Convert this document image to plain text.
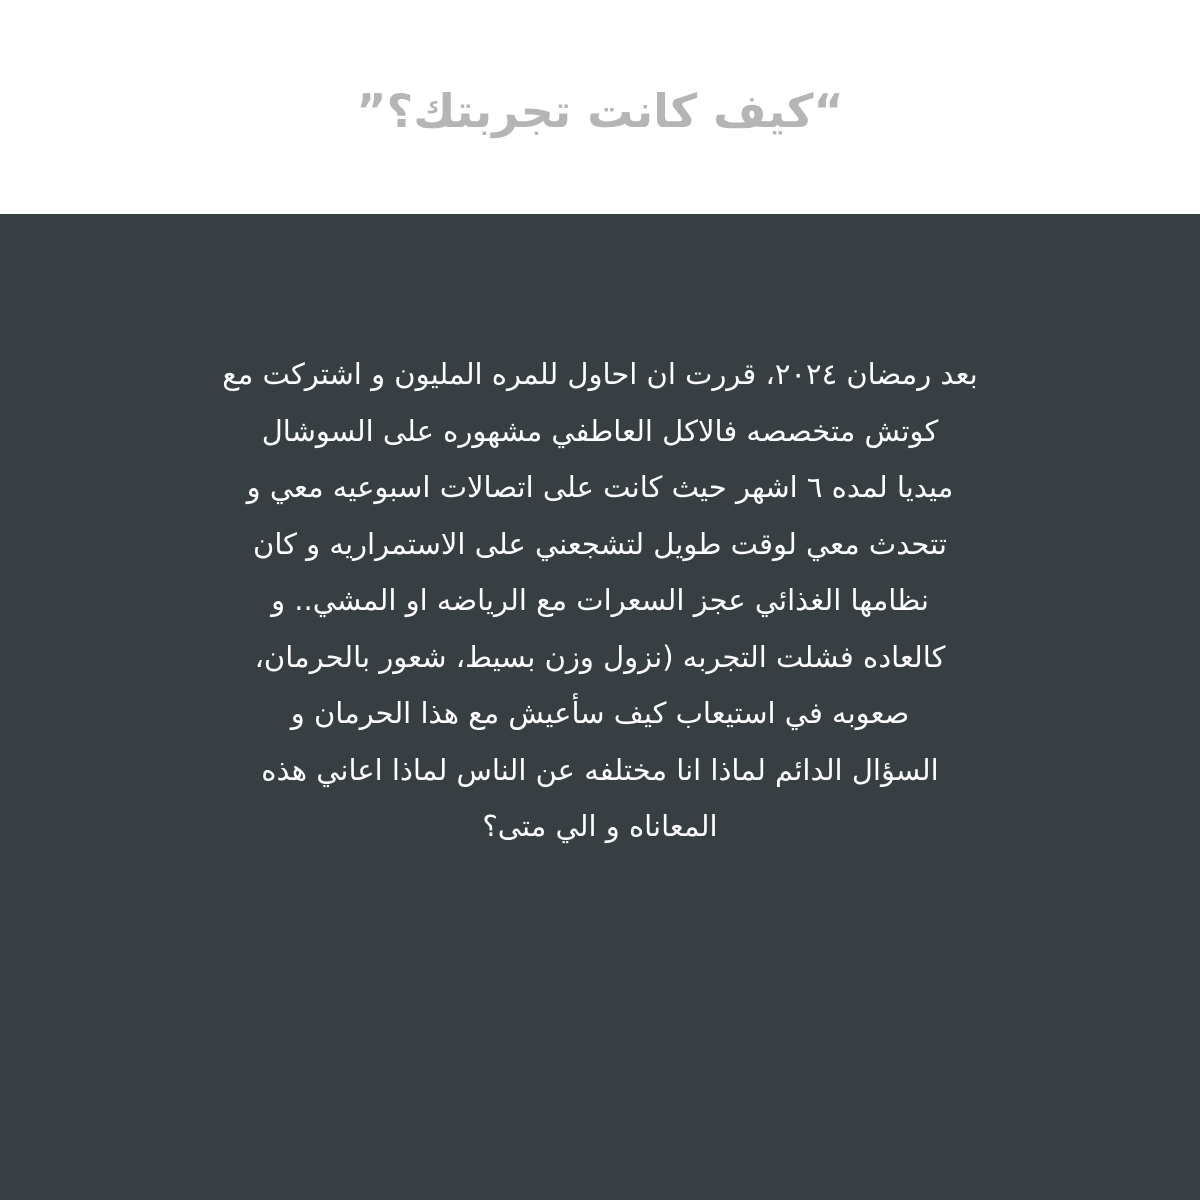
“كيف كانت تجربتك؟”

بعد رمضان ٢٠٢٤، قررت ان احاول للمره المليون و اشتركت مع
كوتش متخصصه فالاكل العاطفي مشهوره على السوشال
ميديا لمده ٦ اشهر حيث كانت على اتصالات اسبوعيه معي و
تتحدث معي لوقت طويل لتشجعني على الاستمراريه و كان
نظامها الغذائي عجز السعرات مع الرياضه او المشي.. و
كالعاده فشلت التجربه (نزول وزن بسيط، شعور بالحرمان،
صعوبه في استيعاب كيف سأعيش مع هذا الحرمان و
السؤال الدائم لماذا انا مختلفه عن الناس لماذا اعاني هذه
المعاناه و الي متى؟
